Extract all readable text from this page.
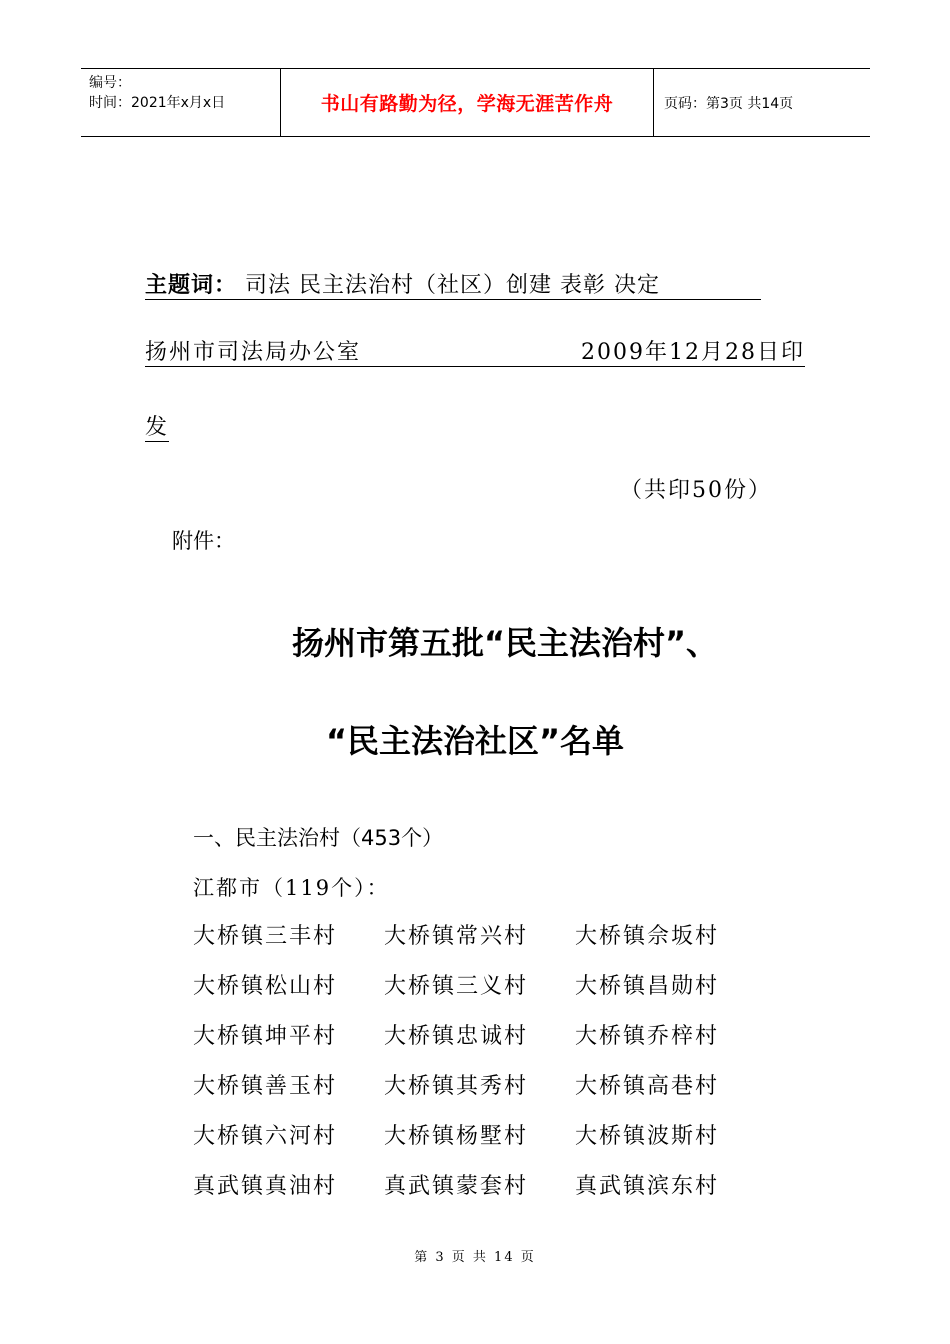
编号：
时间：2021年x月x日	书山有路勤为径，学海无涯苦作舟	页码：第3页 共14页
主题词： 司法 民主法治村（社区）创建 表彰 决定
扬州市司法局办公室	2009年12月28日印
发
（共印50份）
附件：
扬州市第五批“民主法治村”、
“民主法治社区”名单
一、民主法治村（453个）
江都市（119个）：
大桥镇三丰村	大桥镇常兴村	大桥镇佘坂村
大桥镇松山村	大桥镇三义村	大桥镇昌勋村
大桥镇坤平村	大桥镇忠诚村	大桥镇乔梓村
大桥镇善玉村	大桥镇其秀村	大桥镇高巷村
大桥镇六河村	大桥镇杨墅村	大桥镇波斯村
真武镇真油村	真武镇蒙套村	真武镇滨东村
第 3 页 共 14 页
